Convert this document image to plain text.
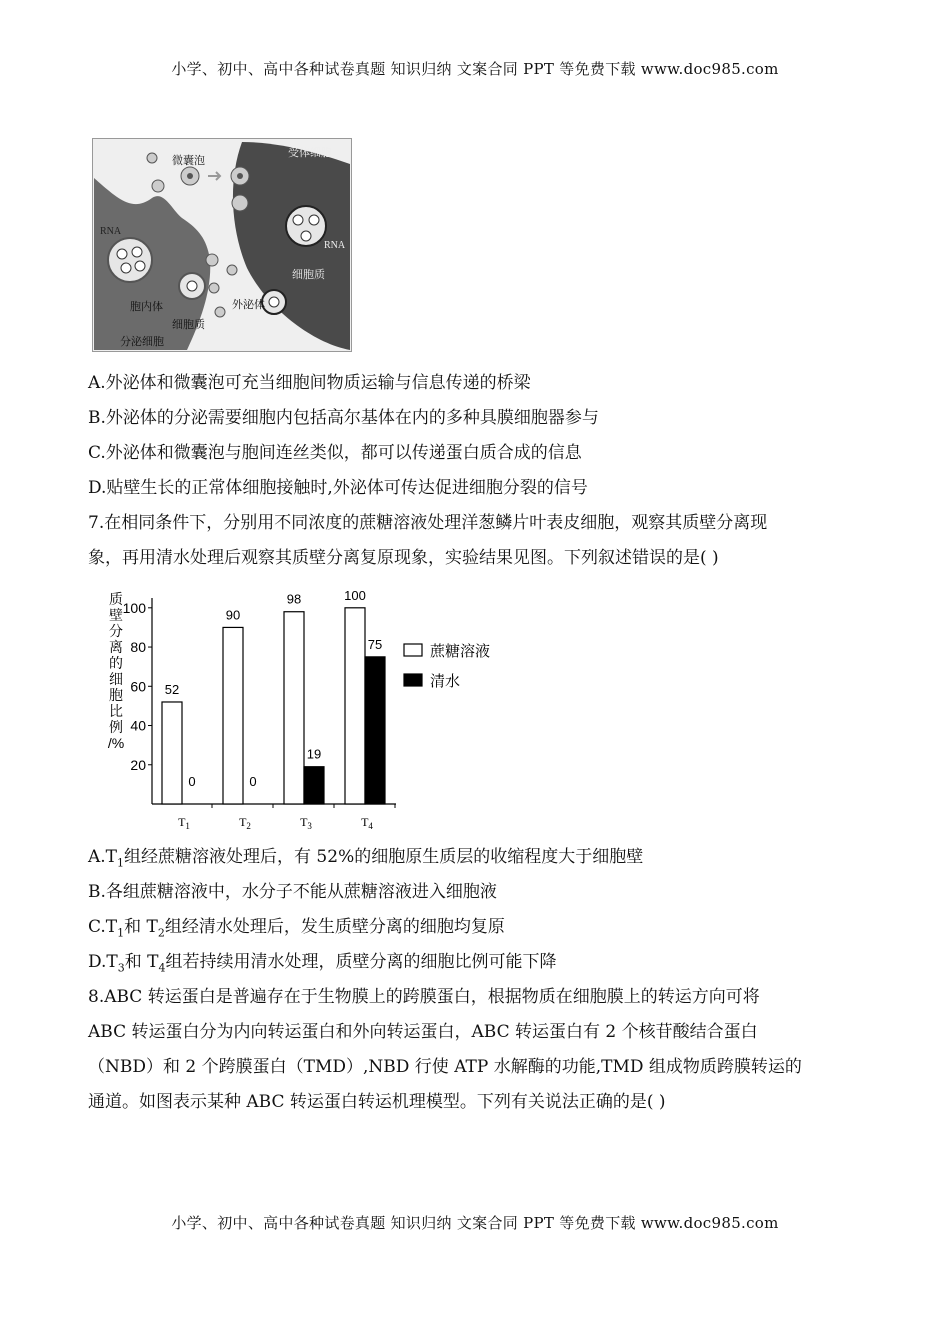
小学、初中、高中各种试卷真题 知识归纳 文案合同 PPT 等免费下载 www.doc985.com
微囊泡
受体细胞
RNA
RNA
胞内体
细胞质
外泌体
细胞质
分泌细胞
A.外泌体和微囊泡可充当细胞间物质运输与信息传递的桥梁
B.外泌体的分泌需要细胞内包括高尔基体在内的多种具膜细胞器参与
C.外泌体和微囊泡与胞间连丝类似，都可以传递蛋白质合成的信息
D.贴壁生长的正常体细胞接触时,外泌体可传达促进细胞分裂的信号
7.在相同条件下，分别用不同浓度的蔗糖溶液处理洋葱鳞片叶表皮细胞，观察其质壁分离现
象，再用清水处理后观察其质壁分离复原现象，实验结果见图。下列叙述错误的是( )
20
40
60
80
100
质
壁
分
离
的
细
胞
比
例
/%
52
0
$T_1$
90
0
$T_2$
98
19
$T_3$
100
75
$T_4$
蔗糖溶液
清水
$A.T_1$组经蔗糖溶液处理后，有 52%的细胞原生质层的收缩程度大于细胞壁
B.各组蔗糖溶液中，水分子不能从蔗糖溶液进入细胞液
$C.T_1$和 $T_2$组经清水处理后，发生质壁分离的细胞均复原
$D.T_3$和 $T_4$组若持续用清水处理，质壁分离的细胞比例可能下降
8.ABC 转运蛋白是普遍存在于生物膜上的跨膜蛋白，根据物质在细胞膜上的转运方向可将
ABC 转运蛋白分为内向转运蛋白和外向转运蛋白，ABC 转运蛋白有 2 个核苷酸结合蛋白
（NBD）和 2 个跨膜蛋白（TMD）,NBD 行使 ATP 水解酶的功能,TMD 组成物质跨膜转运的
通道。如图表示某种 ABC 转运蛋白转运机理模型。下列有关说法正确的是( )
小学、初中、高中各种试卷真题 知识归纳 文案合同 PPT 等免费下载 www.doc985.com
